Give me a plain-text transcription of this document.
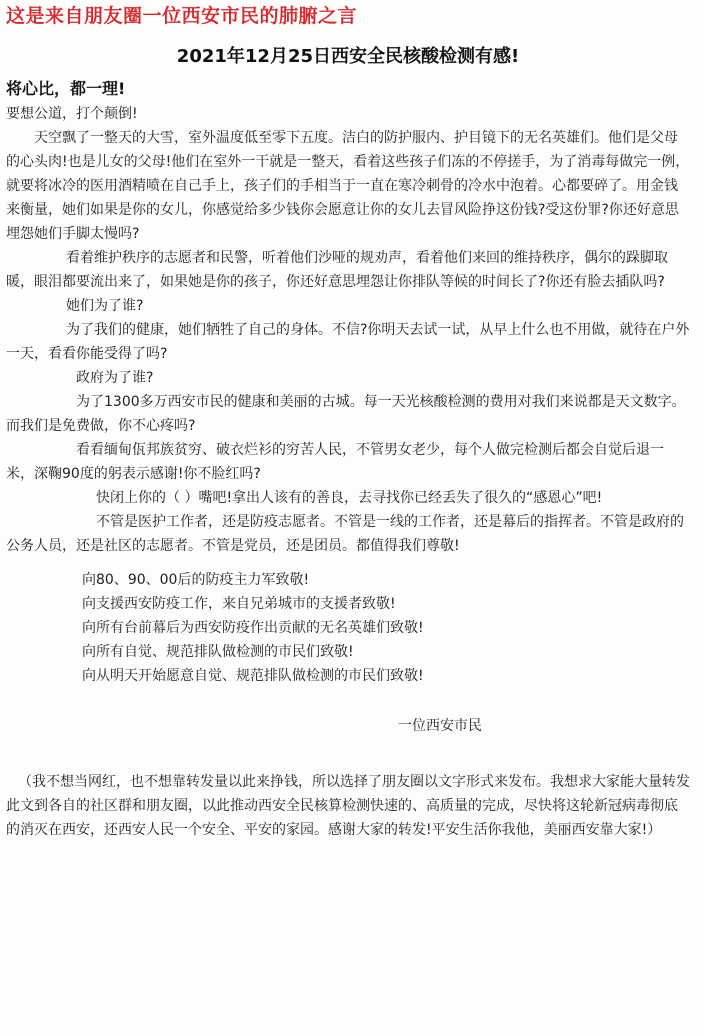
这是来自朋友圈一位西安市民的肺腑之言
2021年12月25日西安全民核酸检测有感!
将心比，都一理!

要想公道，打个颠倒!

天空飘了一整天的大雪，室外温度低至零下五度。洁白的防护服内、护目镜下的无名英雄们。他们是父母的心头肉!也是儿女的父母!他们在室外一干就是一整天，看着这些孩子们冻的不停搓手，为了消毒每做完一例，就要将冰冷的医用酒精喷在自己手上，孩子们的手相当于一直在寒冷刺骨的冷水中泡着。心都要碎了。用金钱来衡量，她们如果是你的女儿，你感觉给多少钱你会愿意让你的女儿去冒风险挣这份钱?受这份罪?你还好意思埋怨她们手脚太慢吗?

看着维护秩序的志愿者和民警，听着他们沙哑的规劝声，看着他们来回的维持秩序，偶尔的跺脚取暖，眼泪都要流出来了，如果她是你的孩子，你还好意思埋怨让你排队等候的时间长了?你还有脸去插队吗?

她们为了谁?

为了我们的健康，她们牺牲了自己的身体。不信?你明天去试一试，从早上什么也不用做，就待在户外一天，看看你能受得了吗?

政府为了谁?

为了1300多万西安市民的健康和美丽的古城。每一天光核酸检测的费用对我们来说都是天文数字。而我们是免费做，你不心疼吗?

看看缅甸佤邦族贫穷、破衣烂衫的穷苦人民，不管男女老少，每个人做完检测后都会自觉后退一米，深鞠90度的躬表示感谢!你不脸红吗?

快闭上你的（ ）嘴吧!拿出人该有的善良，去寻找你已经丢失了很久的“感恩心”吧!

不管是医护工作者，还是防疫志愿者。不管是一线的工作者，还是幕后的指挥者。不管是政府的公务人员，还是社区的志愿者。不管是党员，还是团员。都值得我们尊敬!

向80、90、00后的防疫主力军致敬!

向支援西安防疫工作，来自兄弟城市的支援者致敬!

向所有台前幕后为西安防疫作出贡献的无名英雄们致敬!

向所有自觉、规范排队做检测的市民们致敬!

向从明天开始愿意自觉、规范排队做检测的市民们致敬!

一位西安市民
（我不想当网红，也不想靠转发量以此来挣钱，所以选择了朋友圈以文字形式来发布。我想求大家能大量转发此文到各自的社区群和朋友圈，以此推动西安全民核算检测快速的、高质量的完成，尽快将这轮新冠病毒彻底的消灭在西安，还西安人民一个安全、平安的家园。感谢大家的转发!平安生活你我他，美丽西安靠大家!）
